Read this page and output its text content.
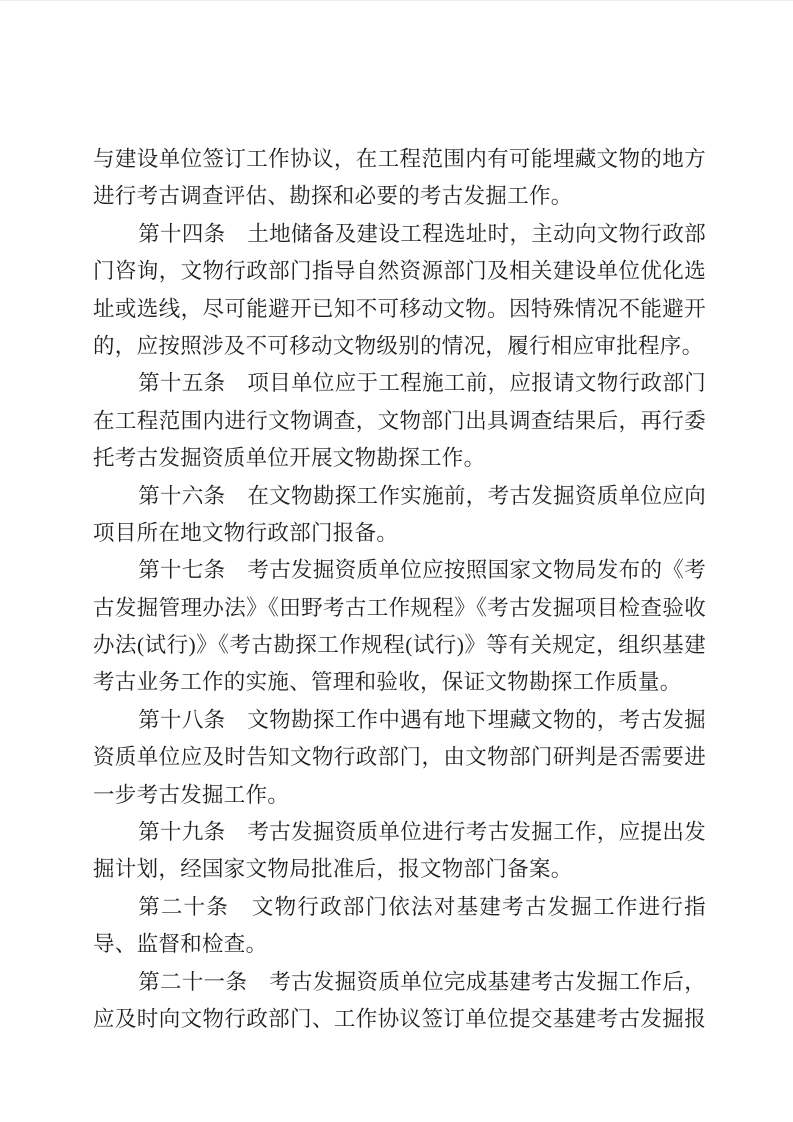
与建设单位签订工作协议，在工程范围内有可能埋藏文物的地方
进行考古调查评估、勘探和必要的考古发掘工作。
第十四条　土地储备及建设工程选址时，主动向文物行政部
门咨询，文物行政部门指导自然资源部门及相关建设单位优化选
址或选线，尽可能避开已知不可移动文物。因特殊情况不能避开
的，应按照涉及不可移动文物级别的情况，履行相应审批程序。
第十五条　项目单位应于工程施工前，应报请文物行政部门
在工程范围内进行文物调查，文物部门出具调查结果后，再行委
托考古发掘资质单位开展文物勘探工作。
第十六条　在文物勘探工作实施前，考古发掘资质单位应向
项目所在地文物行政部门报备。
第十七条　考古发掘资质单位应按照国家文物局发布的《考
古发掘管理办法》《田野考古工作规程》《考古发掘项目检查验收
办法(试行)》《考古勘探工作规程(试行)》等有关规定，组织基建
考古业务工作的实施、管理和验收，保证文物勘探工作质量。
第十八条　文物勘探工作中遇有地下埋藏文物的，考古发掘
资质单位应及时告知文物行政部门，由文物部门研判是否需要进
一步考古发掘工作。
第十九条　考古发掘资质单位进行考古发掘工作，应提出发
掘计划，经国家文物局批准后，报文物部门备案。
第二十条　文物行政部门依法对基建考古发掘工作进行指
导、监督和检查。
第二十一条　考古发掘资质单位完成基建考古发掘工作后，
应及时向文物行政部门、工作协议签订单位提交基建考古发掘报
